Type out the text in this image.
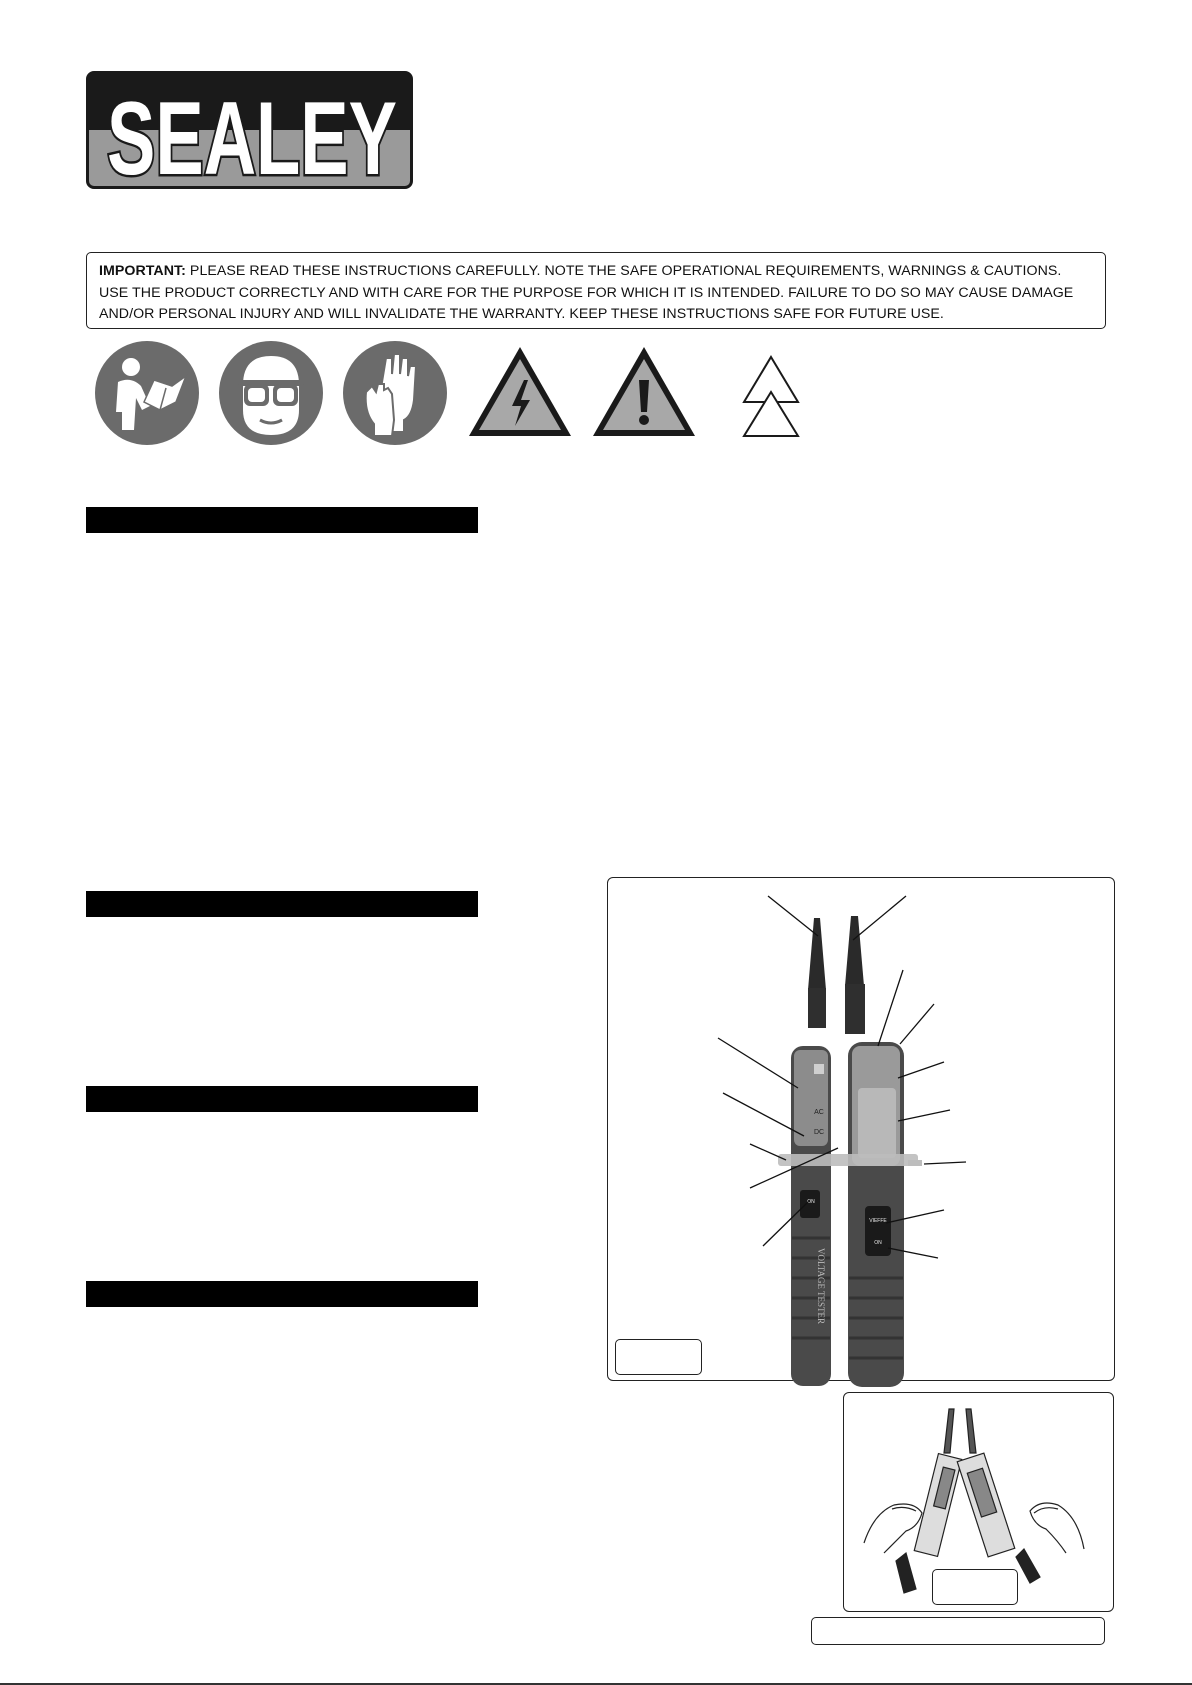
SEALEY
IMPORTANT: PLEASE READ THESE INSTRUCTIONS CAREFULLY. NOTE THE SAFE OPERATIONAL REQUIREMENTS, WARNINGS & CAUTIONS. USE THE PRODUCT CORRECTLY AND WITH CARE FOR THE PURPOSE FOR WHICH IT IS INTENDED. FAILURE TO DO SO MAY CAUSE DAMAGE AND/OR PERSONAL INJURY AND WILL INVALIDATE THE WARRANTY. KEEP THESE INSTRUCTIONS SAFE FOR FUTURE USE.
AC
DC
ON
VOLTAGE TESTER
VIEFFE
ON
